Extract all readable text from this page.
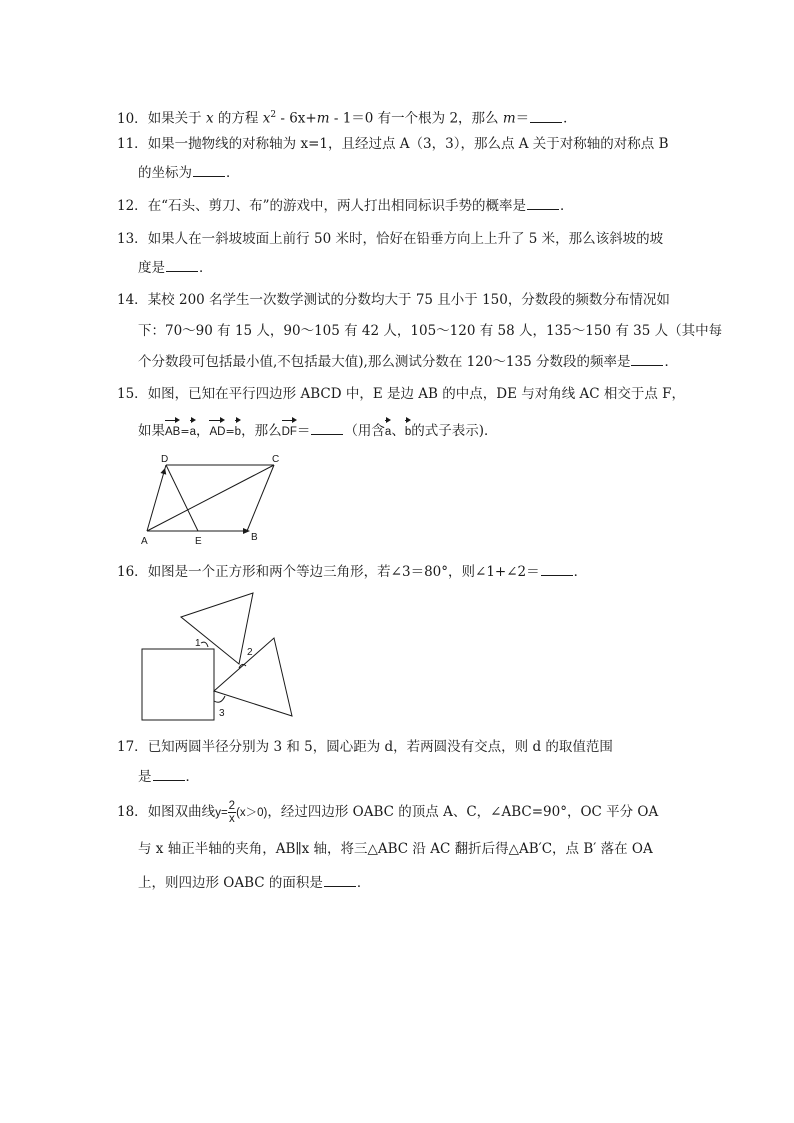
10．如果关于 x 的方程 $x^2 - 6x+m - 1=0$ 有一个根为 2，那么 m＝	．
11．如果一抛物线的对称轴为 x=1，且经过点 A（3，3），那么点 A 关于对称轴的对称点 B
的坐标为	．
12．在“石头、剪刀、布”的游戏中，两人打出相同标识手势的概率是	．
13．如果人在一斜坡坡面上前行 50 米时，恰好在铅垂方向上上升了 5 米，那么该斜坡的坡
度是	．
14．某校 200 名学生一次数学测试的分数均大于 75 且小于 150，分数段的频数分布情况如
下：70～90 有 15 人，90～105 有 42 人，105～120 有 58 人，135～150 有 35 人（其中每
个分数段可包括最小值,不包括最大值),那么测试分数在 120～135 分数段的频率是	．
15．如图，已知在平行四边形 ABCD 中，E 是边 AB 的中点，DE 与对角线 AC 相交于点 F，
如果AB=a，AD=b，那么DF＝	（用含a、b的式子表示)．
D	C
A	E	B
16．如图是一个正方形和两个等边三角形，若∠3＝80°，则∠1+∠2＝	．
1
2
3
17．已知两圆半径分别为 3 和 5，圆心距为 d，若两圆没有交点，则 d 的取值范围
是	．
18．如图双曲线$y= \frac{2}{x} (x>0)$，经过四边形 OABC 的顶点 A、C，∠ABC=90°，OC 平分 OA
与 x 轴正半轴的夹角，AB∥x 轴，将三△ABC 沿 AC 翻折后得△AB′C，点 B′ 落在 OA
上，则四边形 OABC 的面积是	．
